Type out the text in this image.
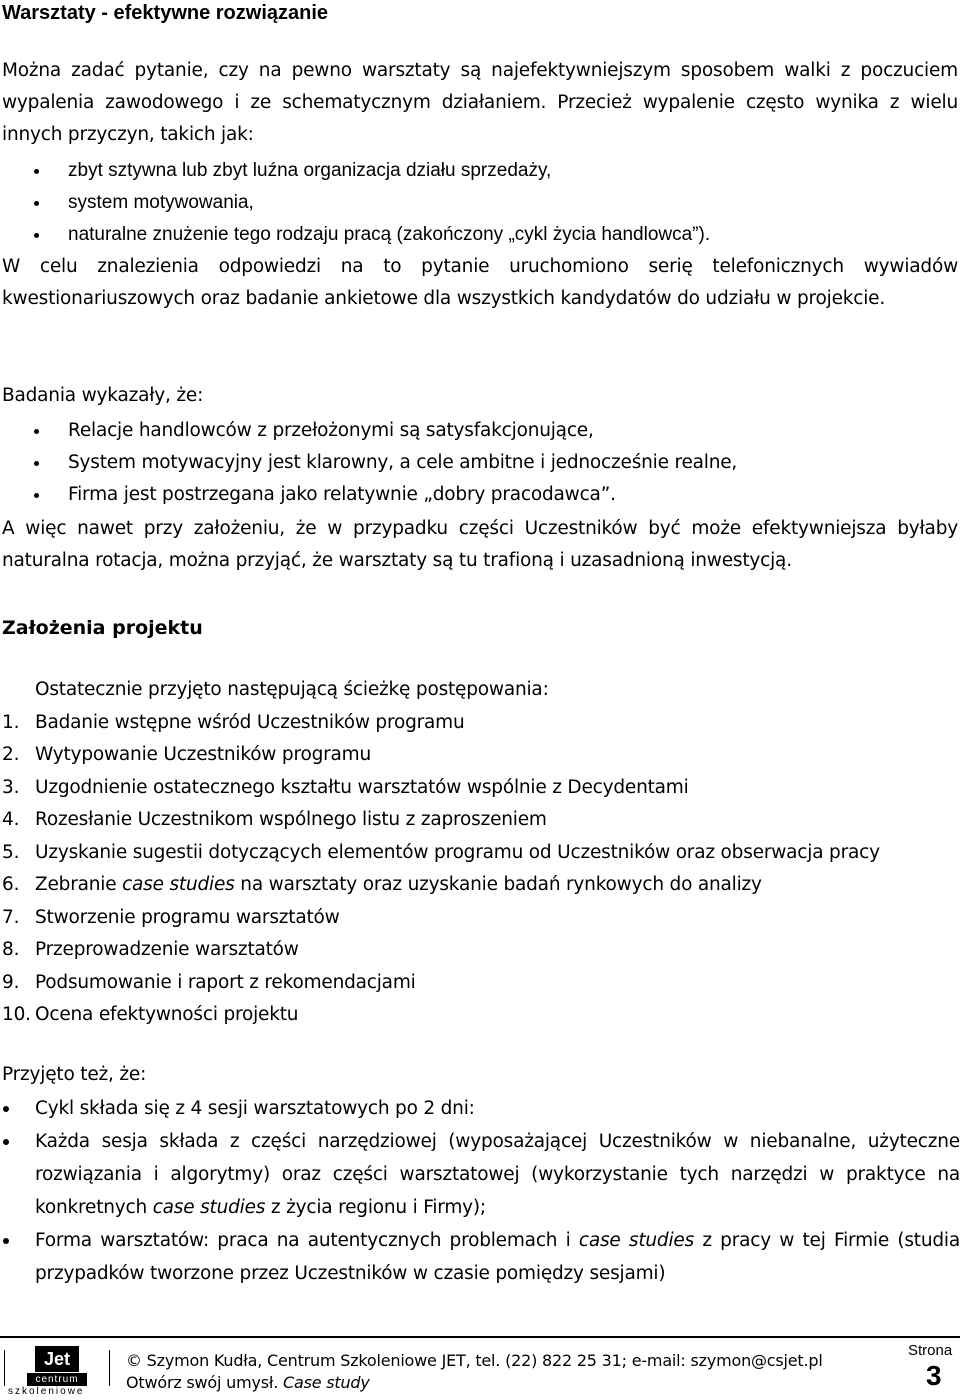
Warsztaty - efektywne rozwiązanie

Można zadać pytanie, czy na pewno warsztaty są najefektywniejszym sposobem walki z poczuciem wypalenia zawodowego i ze schematycznym działaniem. Przecież wypalenie często wynika z wielu innych przyczyn, takich jak:

zbyt sztywna lub zbyt luźna organizacja działu sprzedaży,
system motywowania,
naturalne znużenie tego rodzaju pracą (zakończony „cykl życia handlowca”).

W celu znalezienia odpowiedzi na to pytanie uruchomiono serię telefonicznych wywiadów kwestionariuszowych oraz badanie ankietowe dla wszystkich kandydatów do udziału w projekcie.

Badania wykazały, że:

Relacje handlowców z przełożonymi są satysfakcjonujące,
System motywacyjny jest klarowny, a cele ambitne i jednocześnie realne,
Firma jest postrzegana jako relatywnie „dobry pracodawca”.

A więc nawet przy założeniu, że w przypadku części Uczestników być może efektywniejsza byłaby naturalna rotacja, można przyjąć, że warsztaty są tu trafioną i uzasadnioną inwestycją.

Założenia projektu
Ostatecznie przyjęto następującą ścieżkę postępowania:
1. Badanie wstępne wśród Uczestników programu
2. Wytypowanie Uczestników programu
3. Uzgodnienie ostatecznego kształtu warsztatów wspólnie z Decydentami
4. Rozesłanie Uczestnikom wspólnego listu z zaproszeniem
5. Uzyskanie sugestii dotyczących elementów programu od Uczestników oraz obserwacja pracy
6. Zebranie case studies na warsztaty oraz uzyskanie badań rynkowych do analizy
7. Stworzenie programu warsztatów
8. Przeprowadzenie warsztatów
9. Podsumowanie i raport z rekomendacjami
10. Ocena efektywności projektu

Przyjęto też, że:

Cykl składa się z 4 sesji warsztatowych po 2 dni:
Każda sesja składa z części narzędziowej (wyposażającej Uczestników w niebanalne, użyteczne rozwiązania i algorytmy) oraz części warsztatowej (wykorzystanie tych narzędzi w praktyce na konkretnych case studies z życia regionu i Firmy);
Forma warsztatów: praca na autentycznych problemach i case studies z pracy w tej Firmie (studia przypadków tworzone przez Uczestników w czasie pomiędzy sesjami)
Jet
centrum
szkoleniowe
© Szymon Kudła, Centrum Szkoleniowe JET, tel. (22) 822 25 31; e-mail: szymon@csjet.pl
Otwórz swój umysł. Case study
Strona
3
